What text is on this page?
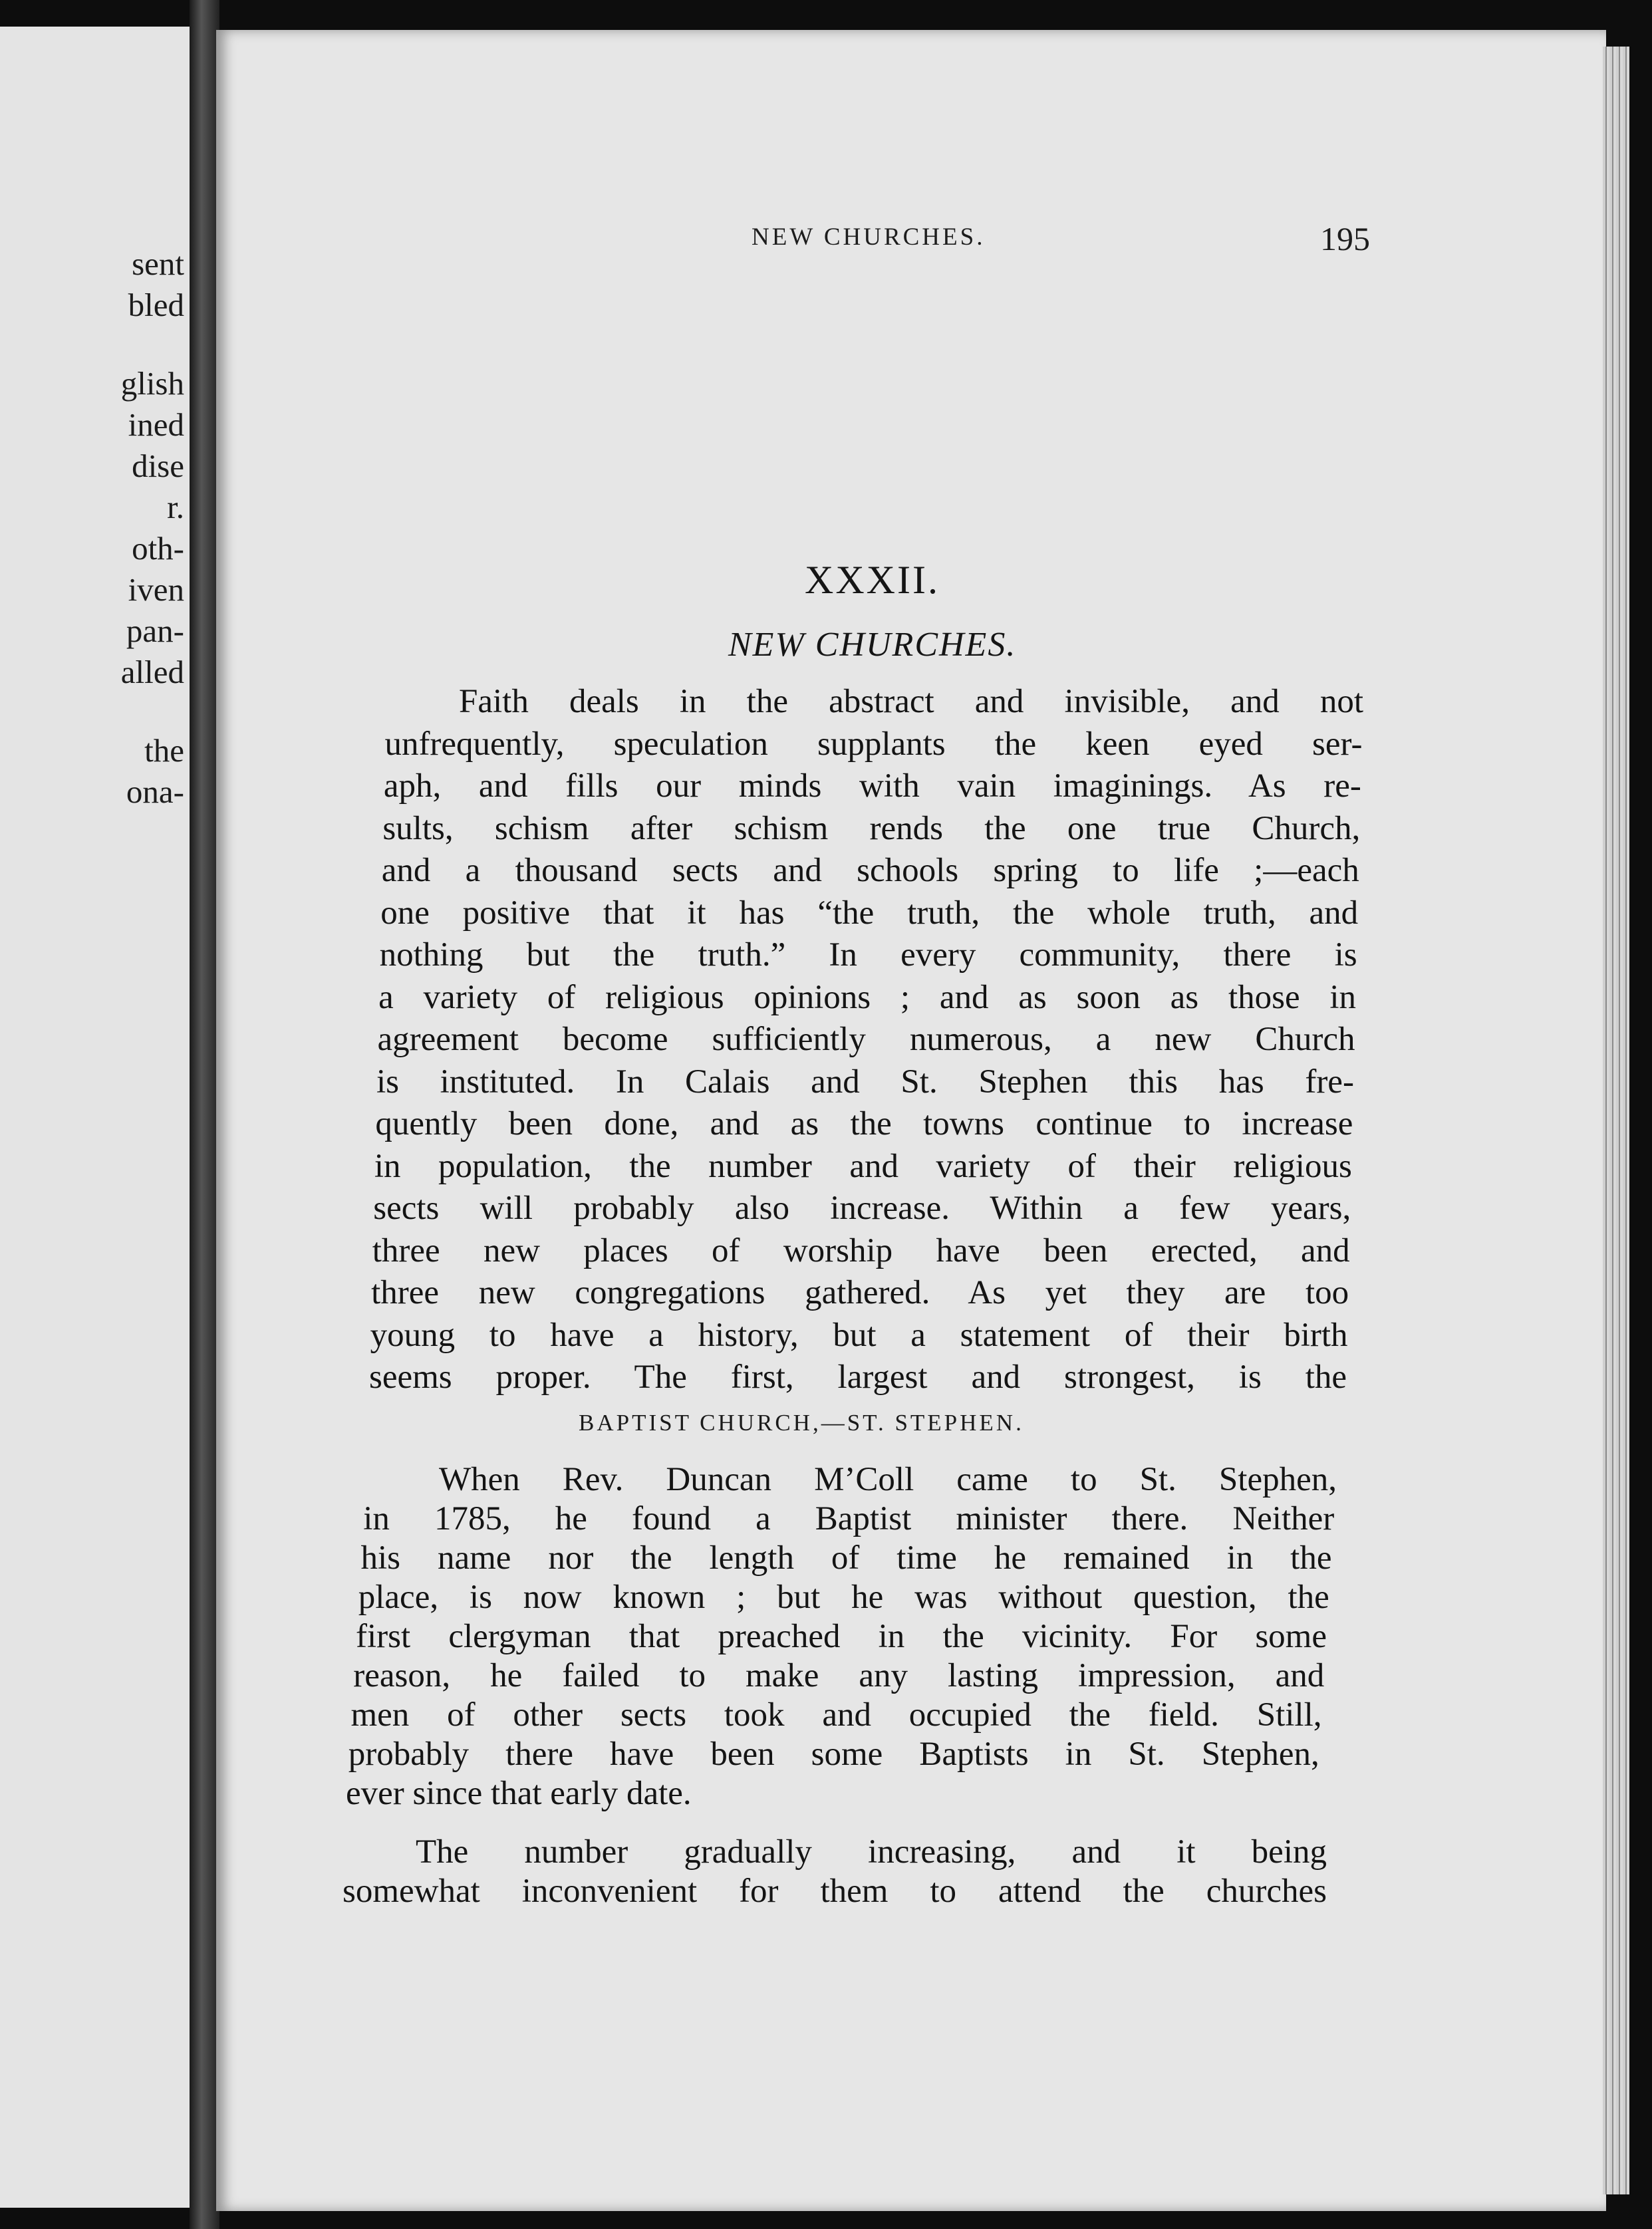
sent
bled
glish
ined
dise
r.
oth-
iven
pan-
alled
the
ona-
NEW CHURCHES.	195
XXXII.
NEW CHURCHES.
Faith deals in the abstract and invisible, and not
unfrequently, speculation supplants the keen eyed ser-
aph, and fills our minds with vain imaginings. As re-
sults, schism after schism rends the one true Church,
and a thousand sects and schools spring to life ;—each
one positive that it has “the truth, the whole truth, and
nothing but the truth.” In every community, there is
a variety of religious opinions ; and as soon as those in
agreement become sufficiently numerous, a new Church
is instituted. In Calais and St. Stephen this has fre-
quently been done, and as the towns continue to increase
in population, the number and variety of their religious
sects will probably also increase. Within a few years,
three new places of worship have been erected, and
three new congregations gathered. As yet they are too
young to have a history, but a statement of their birth
seems proper. The first, largest and strongest, is the
When Rev. Duncan M’Coll came to St. Stephen,
in 1785, he found a Baptist minister there. Neither
his name nor the length of time he remained in the
place, is now known ; but he was without question, the
first clergyman that preached in the vicinity. For some
reason, he failed to make any lasting impression, and
men of other sects took and occupied the field. Still,
probably there have been some Baptists in St. Stephen,
ever since that early date.
The number gradually increasing, and it being
somewhat inconvenient for them to attend the churches
BAPTIST CHURCH,—ST. STEPHEN.
